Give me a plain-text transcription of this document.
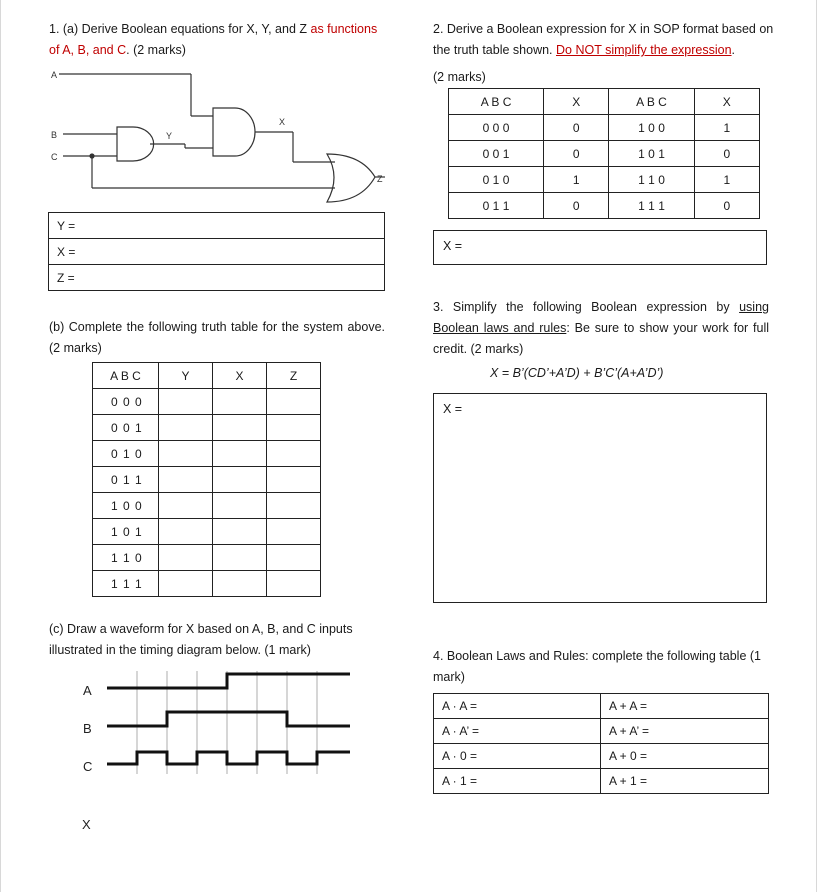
1. (a) Derive Boolean equations for X, Y, and Z as functions of A, B, and C. (2 marks)

A
B
C
Y
X
Z
Y =
X =
Z =

(b) Complete the following truth table for the system above. (2 marks)

A B C	Y	X	Z
0 0 0			
0 0 1			
0 1 0			
0 1 1			
1 0 0			
1 0 1			
1 1 0			
1 1 1			

(c) Draw a waveform for X based on A, B, and C inputs illustrated in the timing diagram below. (1 mark)

A
B
C
X

2. Derive a Boolean expression for X in SOP format based on the truth table shown. Do NOT simplify the expression.

(2 marks)

A B C	X	A B C	X
0 0 0	0	1 0 0	1
0 0 1	0	1 0 1	0
0 1 0	1	1 1 0	1
0 1 1	0	1 1 1	0
X =

3. Simplify the following Boolean expression by using Boolean laws and rules: Be sure to show your work for full credit. (2 marks)

X = B’(CD’+A’D) + B’C’(A+A’D’)
X =

4. Boolean Laws and Rules: complete the following table (1 mark)

A · A =	A + A =
A · A’ =	A + A’ =
A · 0 =	A + 0 =
A · 1 =	A + 1 =
